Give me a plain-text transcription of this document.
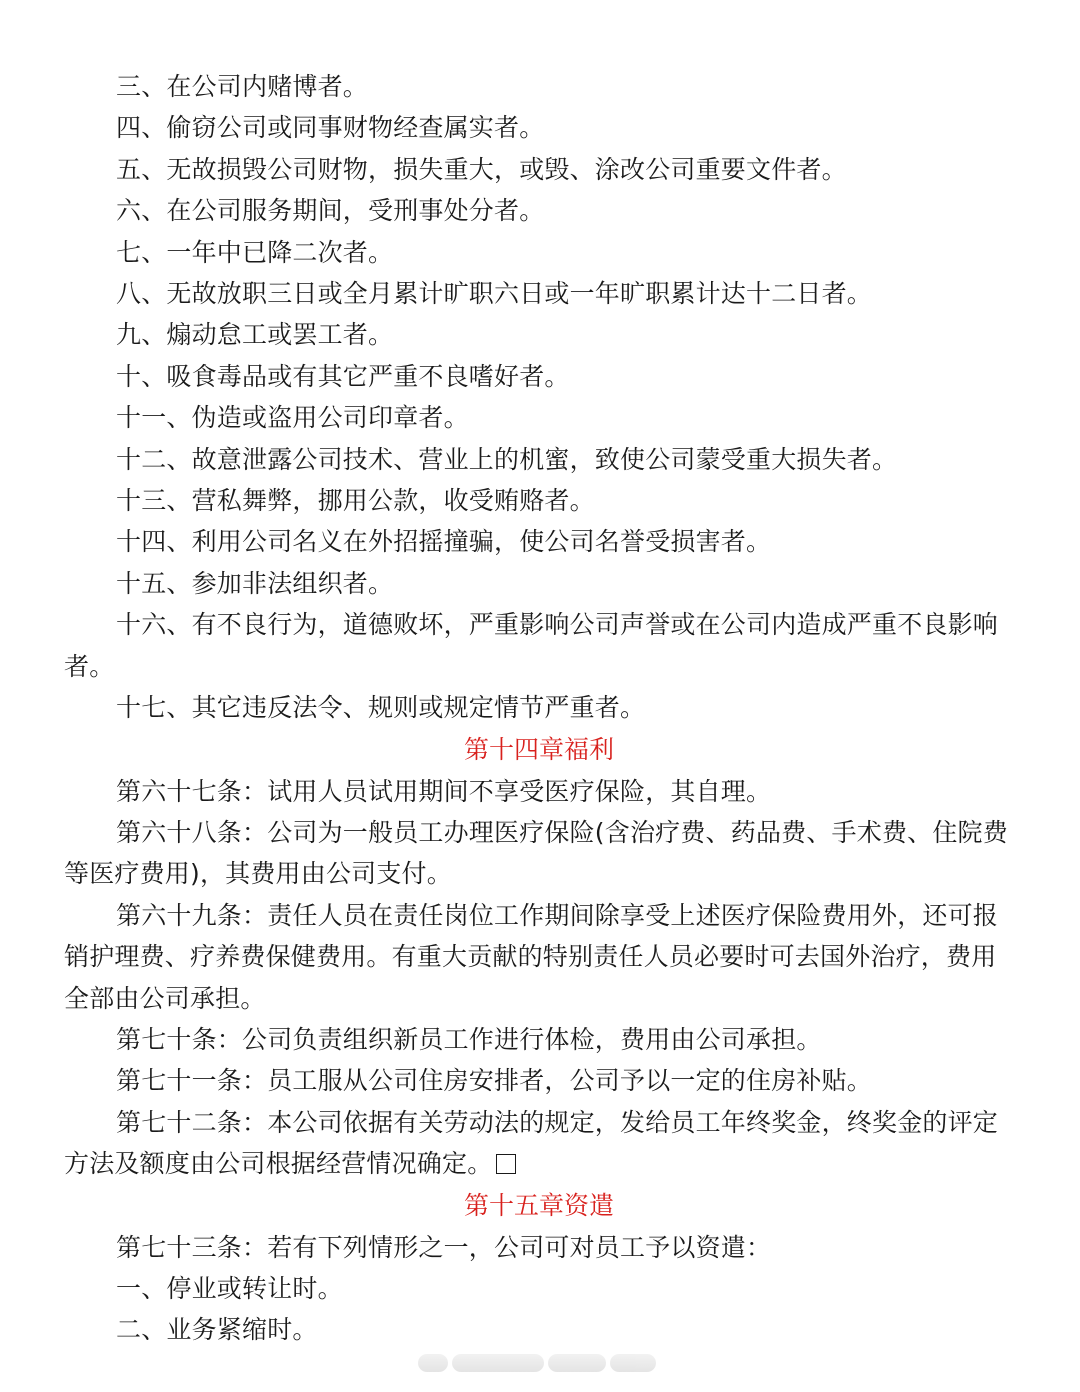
三、在公司内赌博者。

四、偷窃公司或同事财物经查属实者。

五、无故损毁公司财物，损失重大，或毁、涂改公司重要文件者。

六、在公司服务期间，受刑事处分者。

七、一年中已降二次者。

八、无故放职三日或全月累计旷职六日或一年旷职累计达十二日者。

九、煽动怠工或罢工者。

十、吸食毒品或有其它严重不良嗜好者。

十一、伪造或盗用公司印章者。

十二、故意泄露公司技术、营业上的机蜜，致使公司蒙受重大损失者。

十三、营私舞弊，挪用公款，收受贿赂者。

十四、利用公司名义在外招摇撞骗，使公司名誉受损害者。

十五、参加非法组织者。

十六、有不良行为，道德败坏，严重影响公司声誉或在公司内造成严重不良影响者。

十七、其它违反法令、规则或规定情节严重者。

第十四章福利

第六十七条：试用人员试用期间不享受医疗保险，其自理。

第六十八条：公司为一般员工办理医疗保险(含治疗费、药品费、手术费、住院费等医疗费用)，其费用由公司支付。

第六十九条：责任人员在责任岗位工作期间除享受上述医疗保险费用外，还可报销护理费、疗养费保健费用。有重大贡献的特别责任人员必要时可去国外治疗，费用全部由公司承担。

第七十条：公司负责组织新员工作进行体检，费用由公司承担。

第七十一条：员工服从公司住房安排者，公司予以一定的住房补贴。

第七十二条：本公司依据有关劳动法的规定，发给员工年终奖金，终奖金的评定方法及额度由公司根据经营情况确定。

第十五章资遣

第七十三条：若有下列情形之一，公司可对员工予以资遣：

一、停业或转让时。

二、业务紧缩时。
